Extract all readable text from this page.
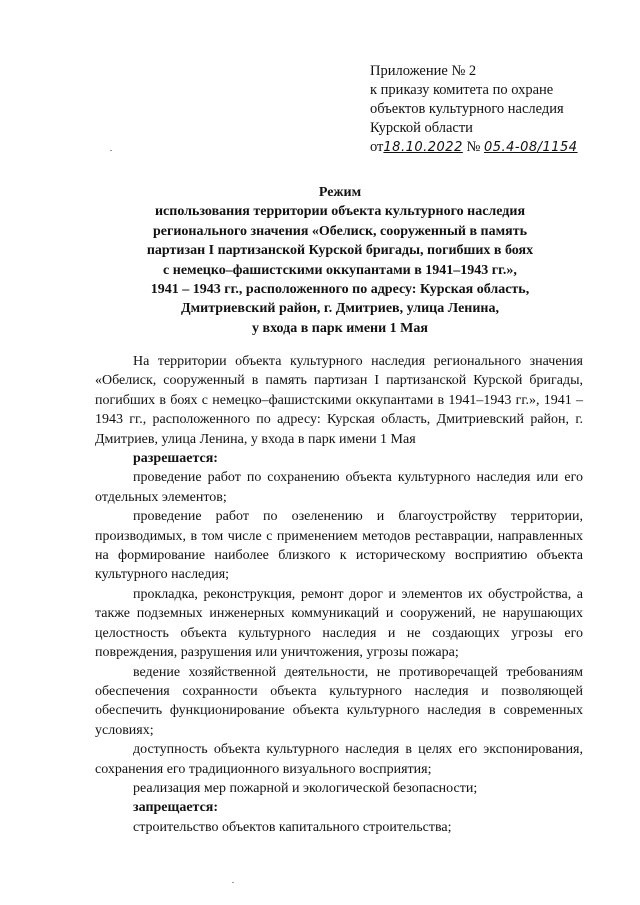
Приложение № 2
к приказу комитета по охране
объектов культурного наследия
Курской области
от18.10.2022 № 05.4-08/1154
Режим
использования территории объекта культурного наследия
регионального значения «Обелиск, сооруженный в память
партизан I партизанской Курской бригады, погибших в боях
с немецко–фашистскими оккупантами в 1941–1943 гг.»,
1941 – 1943 гг., расположенного по адресу: Курская область,
Дмитриевский район, г. Дмитриев, улица Ленина,
у входа в парк имени 1 Мая

На территории объекта культурного наследия регионального значения «Обелиск, сооруженный в память партизан I партизанской Курской бригады, погибших в боях с немецко–фашистскими оккупантами в 1941–1943 гг.», 1941 – 1943 гг., расположенного по адресу: Курская область, Дмитриевский район, г. Дмитриев, улица Ленина, у входа в парк имени 1 Мая

разрешается:

проведение работ по сохранению объекта культурного наследия или его отдельных элементов;

проведение работ по озеленению и благоустройству территории, производимых, в том числе с применением методов реставрации, направленных на формирование наиболее близкого к историческому восприятию объекта культурного наследия;

прокладка, реконструкция, ремонт дорог и элементов их обустройства, а также подземных инженерных коммуникаций и сооружений, не нарушающих целостность объекта культурного наследия и не создающих угрозы его повреждения, разрушения или уничтожения, угрозы пожара;

ведение хозяйственной деятельности, не противоречащей требованиям обеспечения сохранности объекта культурного наследия и позволяющей обеспечить функционирование объекта культурного наследия в современных условиях;

доступность объекта культурного наследия в целях его экспонирования, сохранения его традиционного визуального восприятия;

реализация мер пожарной и экологической безопасности;

запрещается:

строительство объектов капитального строительства;
